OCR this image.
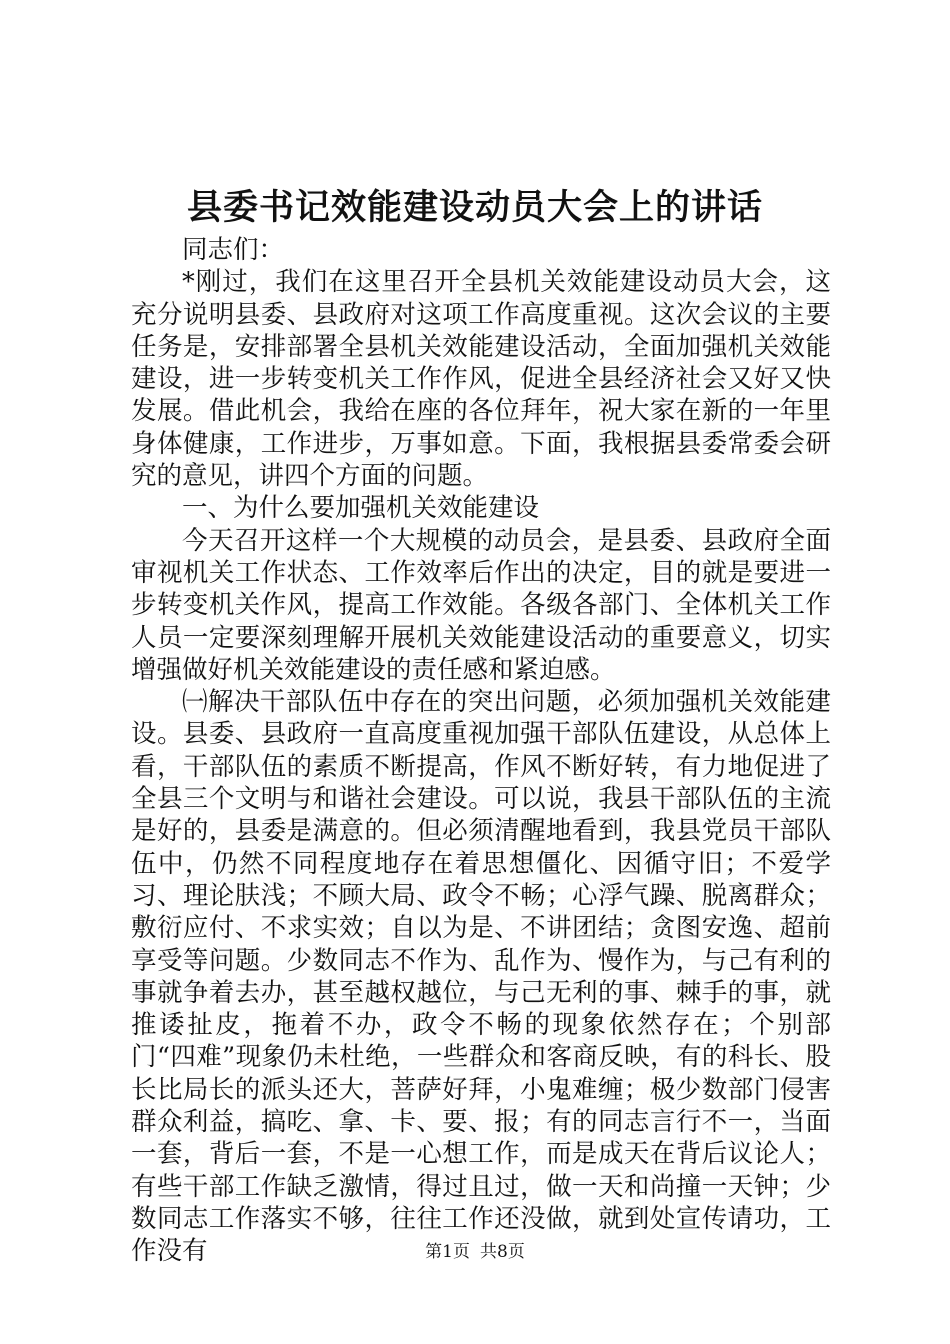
县委书记效能建设动员大会上的讲话

同志们：

*刚过，我们在这里召开全县机关效能建设动员大会，这充分说明县委、县政府对这项工作高度重视。这次会议的主要任务是，安排部署全县机关效能建设活动，全面加强机关效能建设，进一步转变机关工作作风，促进全县经济社会又好又快发展。借此机会，我给在座的各位拜年，祝大家在新的一年里身体健康，工作进步，万事如意。下面，我根据县委常委会研究的意见，讲四个方面的问题。

一、为什么要加强机关效能建设

今天召开这样一个大规模的动员会，是县委、县政府全面审视机关工作状态、工作效率后作出的决定，目的就是要进一步转变机关作风，提高工作效能。各级各部门、全体机关工作人员一定要深刻理解开展机关效能建设活动的重要意义，切实增强做好机关效能建设的责任感和紧迫感。

㈠解决干部队伍中存在的突出问题，必须加强机关效能建设。县委、县政府一直高度重视加强干部队伍建设，从总体上看，干部队伍的素质不断提高，作风不断好转，有力地促进了全县三个文明与和谐社会建设。可以说，我县干部队伍的主流是好的，县委是满意的。但必须清醒地看到，我县党员干部队伍中，仍然不同程度地存在着思想僵化、因循守旧；不爱学习、理论肤浅；不顾大局、政令不畅；心浮气躁、脱离群众；敷衍应付、不求实效；自以为是、不讲团结；贪图安逸、超前享受等问题。少数同志不作为、乱作为、慢作为，与己有利的事就争着去办，甚至越权越位，与己无利的事、棘手的事，就推诿扯皮，拖着不办，政令不畅的现象依然存在；个别部门“四难”现象仍未杜绝，一些群众和客商反映，有的科长、股长比局长的派头还大，菩萨好拜，小鬼难缠；极少数部门侵害群众利益，搞吃、拿、卡、要、报；有的同志言行不一，当面一套，背后一套，不是一心想工作，而是成天在背后议论人；有些干部工作缺乏激情，得过且过，做一天和尚撞一天钟；少数同志工作落实不够，往往工作还没做，就到处宣传请功，工作没有	第1页 共8页
